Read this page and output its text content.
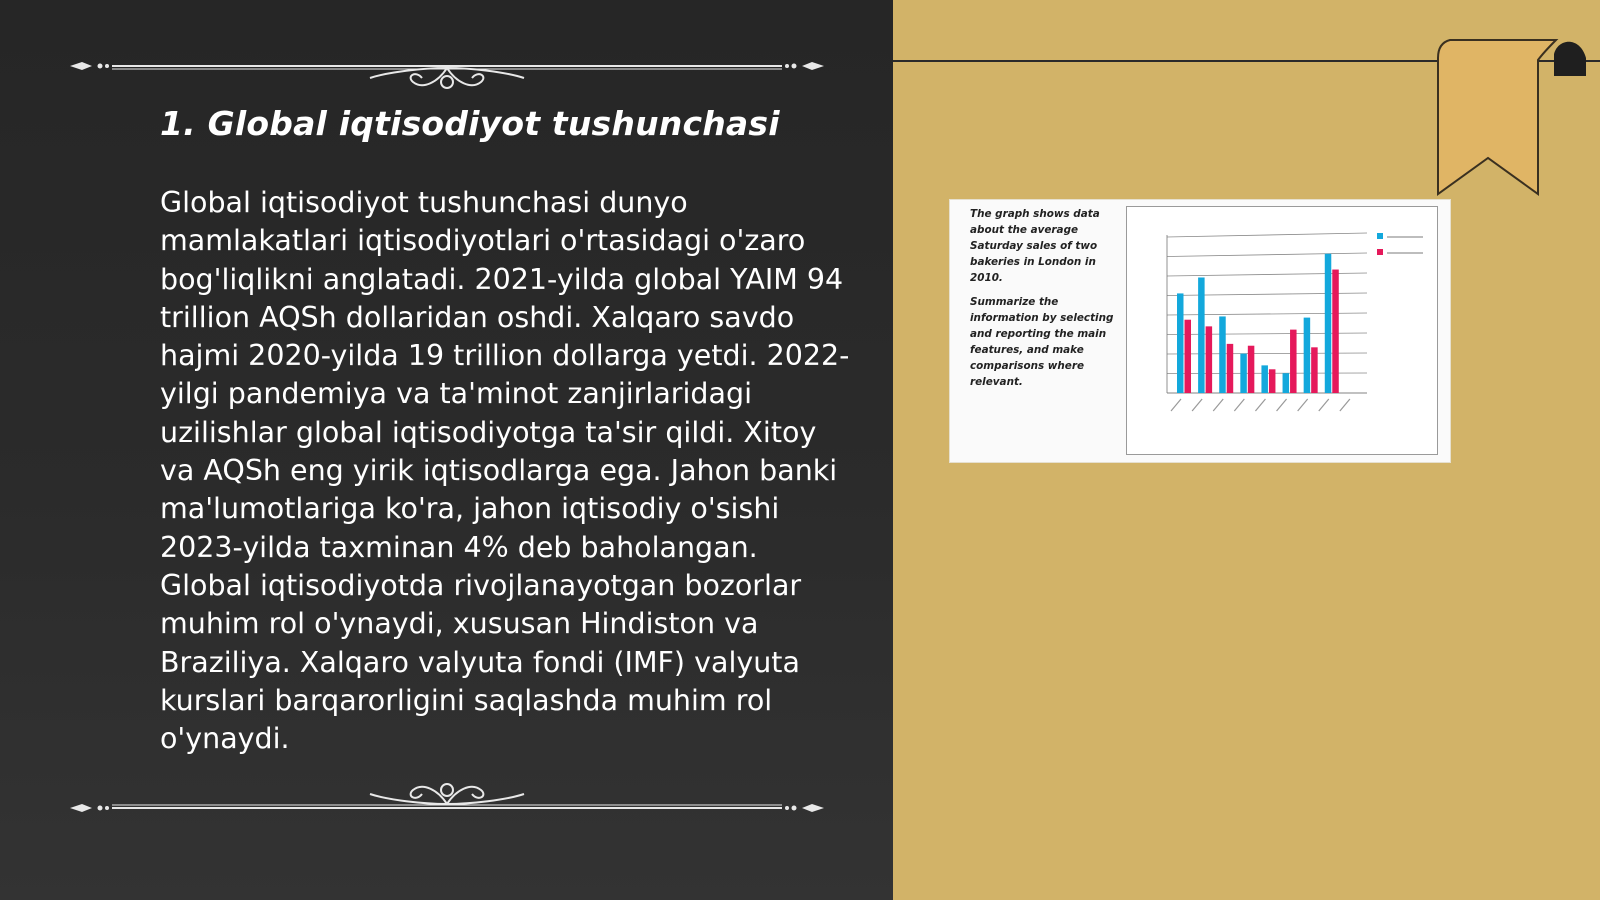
1. Global iqtisodiyot tushunchasi

Global iqtisodiyot tushunchasi dunyo mamlakatlari iqtisodiyotlari o'rtasidagi o'zaro bog'liqlikni anglatadi. 2021-yilda global YAIM 94 trillion AQSh dollaridan oshdi. Xalqaro savdo hajmi 2020-yilda 19 trillion dollarga yetdi. 2022-yilgi pandemiya va ta'minot zanjirlaridagi uzilishlar global iqtisodiyotga ta'sir qildi. Xitoy va AQSh eng yirik iqtisodlarga ega. Jahon banki ma'lumotlariga ko'ra, jahon iqtisodiy o'sishi 2023-yilda taxminan 4% deb baholangan. Global iqtisodiyotda rivojlanayotgan bozorlar muhim rol o'ynaydi, xususan Hindiston va Braziliya. Xalqaro valyuta fondi (IMF) valyuta kurslari barqarorligini saqlashda muhim rol o'ynaydi.

The graph shows data about the average Saturday sales of two bakeries in London in 2010.

Summarize the information by selecting and reporting the main features, and make comparisons where relevant.
